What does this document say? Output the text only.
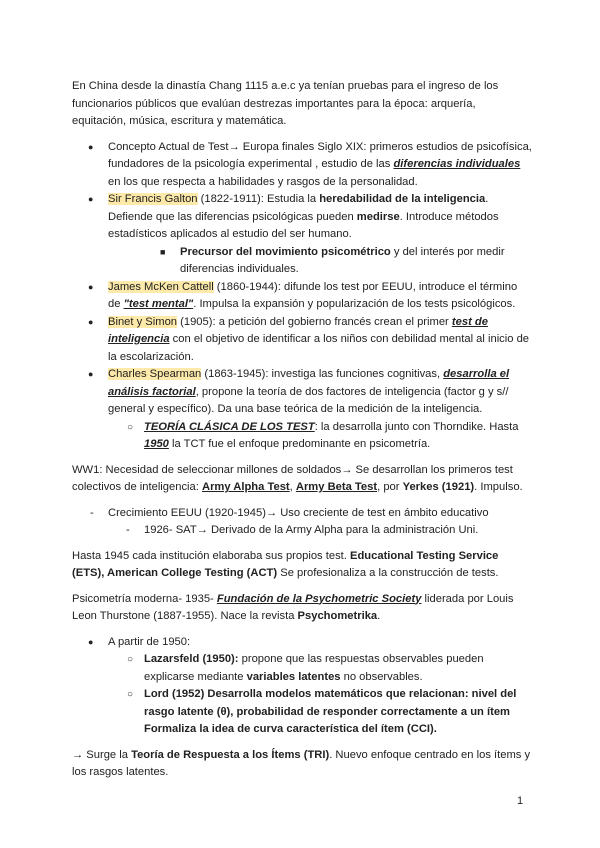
En China desde la dinastía Chang 1115 a.e.c ya tenían pruebas para el ingreso de los funcionarios públicos que evalúan destrezas importantes para la época: arquería, equitación, música, escritura y matemática.

● Concepto Actual de Test→ Europa finales Siglo XIX: primeros estudios de psicofísica, fundadores de la psicología experimental , estudio de las diferencias individuales en los que respecta a habilidades y rasgos de la personalidad.
● Sir Francis Galton (1822-1911): Estudia la heredabilidad de la inteligencia. Defiende que las diferencias psicológicas pueden medirse. Introduce métodos estadísticos aplicados al estudio del ser humano.
■ Precursor del movimiento psicométrico y del interés por medir diferencias individuales.
● James McKen Cattell (1860-1944): difunde los test por EEUU, introduce el término de "test mental". Impulsa la expansión y popularización de los tests psicológicos.
● Binet y Simon (1905): a petición del gobierno francés crean el primer test de inteligencia con el objetivo de identificar a los niños con debilidad mental al inicio de la escolarización.
● Charles Spearman (1863-1945): investiga las funciones cognitivas, desarrolla el análisis factorial, propone la teoría de dos factores de inteligencia (factor g y s// general y específico). Da una base teórica de la medición de la inteligencia.
○ TEORÍA CLÁSICA DE LOS TEST: la desarrolla junto con Thorndike. Hasta 1950 la TCT fue el enfoque predominante en psicometría.

WW1: Necesidad de seleccionar millones de soldados→ Se desarrollan los primeros test colectivos de inteligencia: Army Alpha Test, Army Beta Test, por Yerkes (1921). Impulso.

- Crecimiento EEUU (1920-1945)→ Uso creciente de test en ámbito educativo
- 1926- SAT→ Derivado de la Army Alpha para la administración Uni.

Hasta 1945 cada institución elaboraba sus propios test. Educational Testing Service (ETS), American College Testing (ACT) Se profesionaliza a la construcción de tests.

Psicometría moderna- 1935- Fundación de la Psychometric Society liderada por Louis Leon Thurstone (1887-1955). Nace la revista Psychometrika.

● A partir de 1950:
○ Lazarsfeld (1950): propone que las respuestas observables pueden explicarse mediante variables latentes no observables.
○ Lord (1952) Desarrolla modelos matemáticos que relacionan: nivel del rasgo latente (θ), probabilidad de responder correctamente a un ítem Formaliza la idea de curva característica del ítem (CCI).

→ Surge la Teoría de Respuesta a los Ítems (TRI). Nuevo enfoque centrado en los ítems y los rasgos latentes.

1
